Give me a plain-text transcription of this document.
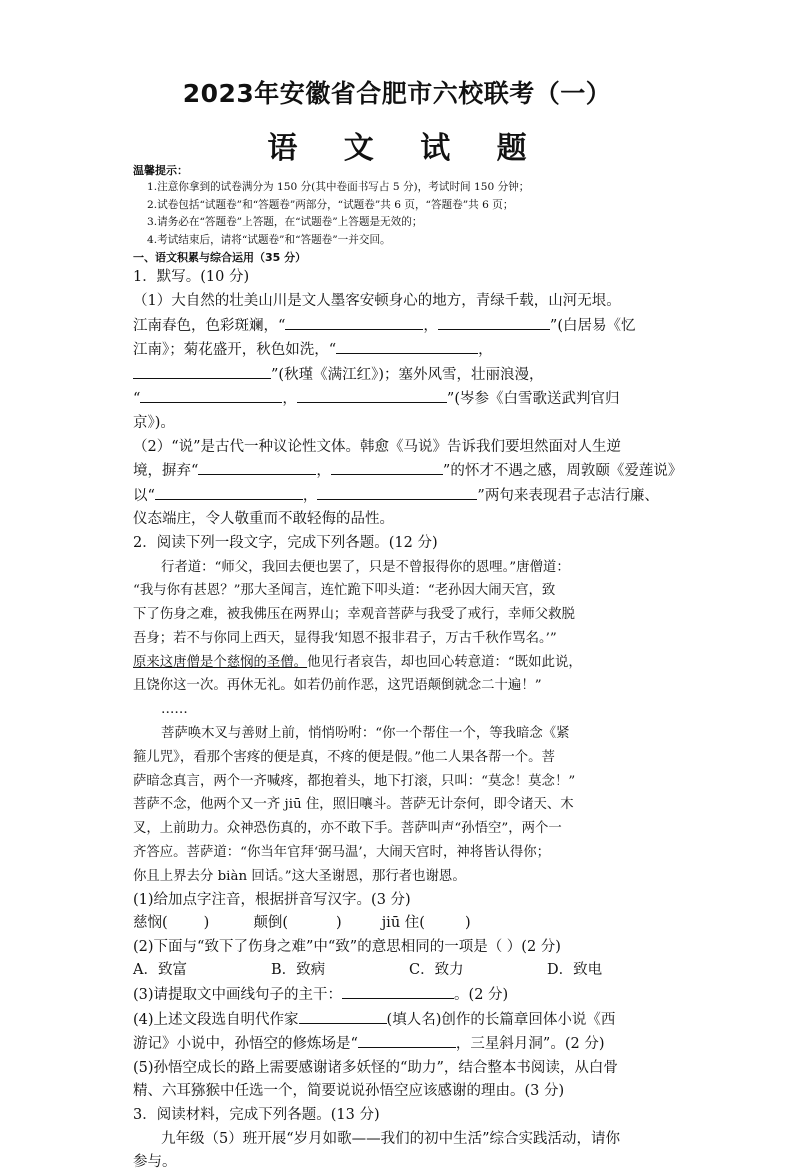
2023年安徽省合肥市六校联考（一）
语 文 试 题
温馨提示：
1.注意你拿到的试卷满分为 150 分(其中卷面书写占 5 分)，考试时间 150 分钟；
2.试卷包括“试题卷”和“答题卷”两部分，“试题卷”共 6 页，“答题卷”共 6 页；
3.请务必在“答题卷”上答题，在“试题卷”上答题是无效的；
4.考试结束后，请将“试题卷”和“答题卷”一并交回。
一、语文积累与综合运用（35 分）

1．默写。(10 分)

（1）大自然的壮美山川是文人墨客安顿身心的地方，青绿千载，山河无垠。

江南春色，色彩斑斓，“	，	”(白居易《忆

江南》；菊花盛开，秋色如洗，“	，

”(秋瑾《满江红》)；塞外风雪，壮丽浪漫，

“	，	”(岑参《白雪歌送武判官归

京》)。

（2）“说”是古代一种议论性文体。韩愈《马说》告诉我们要坦然面对人生逆

境，摒弃“	，	”的怀才不遇之感，周敦颐《爱莲说》

以“	，	”两句来表现君子志洁行廉、

仪态端庄，令人敬重而不敢轻侮的品性。

2．阅读下列一段文字，完成下列各题。(12 分)

行者道：“师父，我回去便也罢了，只是不曾报得你的恩哩。”唐僧道：

“我与你有甚恩？”那大圣闻言，连忙跪下叩头道：“老孙因大闹天宫，致

下了伤身之难，被我佛压在两界山；幸观音菩萨与我受了戒行，幸师父救脱

吾身；若不与你同上西天，显得我‘知恩不报非君子，万古千秋作骂名。’”

原来这唐僧是个慈悯的圣僧。他见行者哀告，却也回心转意道：“既如此说，

且饶你这一次。再休无礼。如若仍前作恶，这咒语颠倒就念二十遍！”

……

菩萨唤木叉与善财上前，悄悄吩咐：“你一个帮住一个，等我暗念《紧

箍儿咒》，看那个害疼的便是真，不疼的便是假。”他二人果各帮一个。菩

萨暗念真言，两个一齐喊疼，都抱着头，地下打滚，只叫：“莫念！莫念！”

菩萨不念，他两个又一齐 jiū 住，照旧嚷斗。菩萨无计奈何，即令诸天、木

叉，上前助力。众神恐伤真的，亦不敢下手。菩萨叫声“孙悟空”，两个一

齐答应。菩萨道：“你当年官拜‘弼马温’，大闹天宫时，神将皆认得你；

你且上界去分 biàn 回话。”这大圣谢恩，那行者也谢恩。

(1)给加点字注音，根据拼音写汉字。(3 分)

慈悯( )	颠倒(	)	jiū 住(	)

(2)下面与“致下了伤身之难”中“致”的意思相同的一项是（ ）(2 分)

A．致富	B．致病	C．致力	D．致电

(3)请提取文中画线句子的主干：	。(2 分)

(4)上述文段选自明代作家	(填人名)创作的长篇章回体小说《西

游记》小说中，孙悟空的修炼场是“	，三星斜月洞”。(2 分)

(5)孙悟空成长的路上需要感谢诸多妖怪的“助力”，结合整本书阅读，从白骨

精、六耳猕猴中任选一个，简要说说孙悟空应该感谢的理由。(3 分)

3．阅读材料，完成下列各题。(13 分)

九年级（5）班开展“岁月如歌——我们的初中生活”综合实践活动，请你

参与。
